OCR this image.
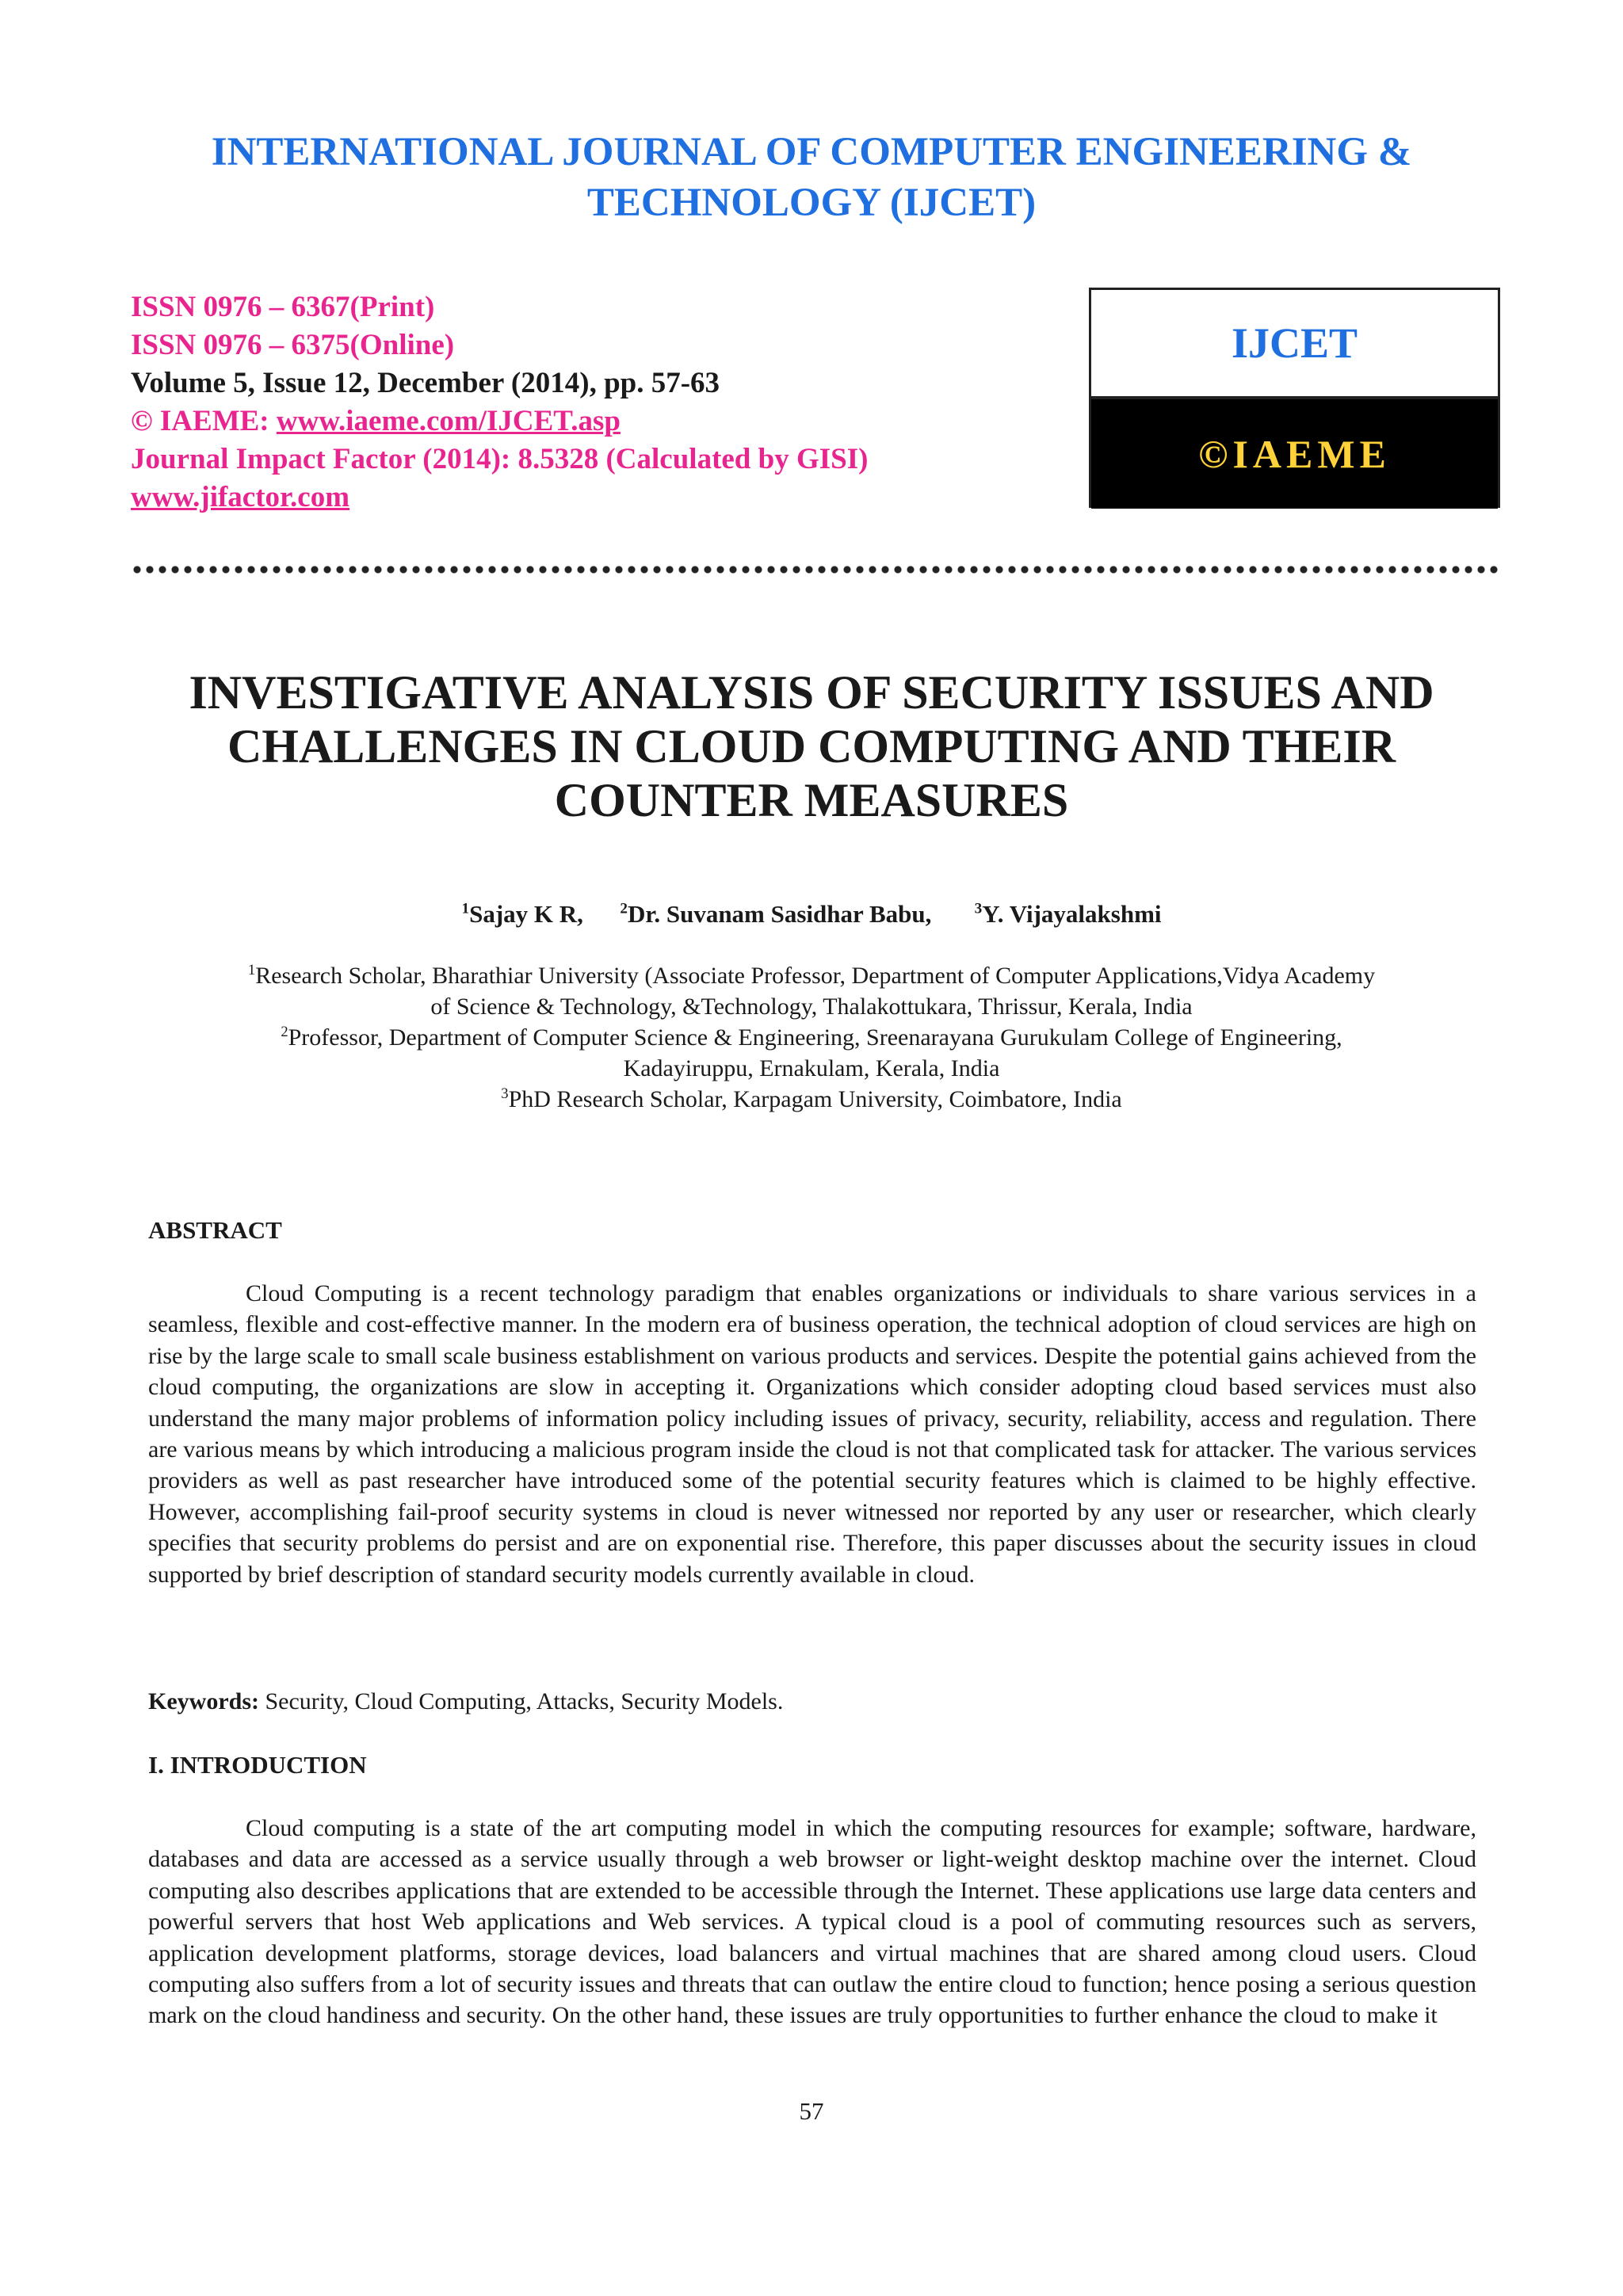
INTERNATIONAL JOURNAL OF COMPUTER ENGINEERING &
TECHNOLOGY (IJCET)
ISSN 0976 – 6367(Print)
ISSN 0976 – 6375(Online)
Volume 5, Issue 12, December (2014), pp. 57-63
© IAEME: www.iaeme.com/IJCET.asp
Journal Impact Factor (2014): 8.5328 (Calculated by GISI)
www.jifactor.com
IJCET
©IAEME
INVESTIGATIVE ANALYSIS OF SECURITY ISSUES AND
CHALLENGES IN CLOUD COMPUTING AND THEIR
COUNTER MEASURES
$^1$Sajay K R, $^2$Dr. Suvanam Sasidhar Babu,	$^3$Y. Vijayalakshmi
$^1$Research Scholar, Bharathiar University (Associate Professor, Department of Computer Applications,Vidya Academy
of Science & Technology, &Technology, Thalakottukara, Thrissur, Kerala, India
$^2$Professor, Department of Computer Science & Engineering, Sreenarayana Gurukulam College of Engineering,
Kadayiruppu, Ernakulam, Kerala, India
$^3$PhD Research Scholar, Karpagam University, Coimbatore, India
ABSTRACT
Cloud Computing is a recent technology paradigm that enables organizations or individuals to share various services in a seamless, flexible and cost-effective manner. In the modern era of business operation, the technical adoption of cloud services are high on rise by the large scale to small scale business establishment on various products and services. Despite the potential gains achieved from the cloud computing, the organizations are slow in accepting it. Organizations which consider adopting cloud based services must also understand the many major problems of information policy including issues of privacy, security, reliability, access and regulation. There are various means by which introducing a malicious program inside the cloud is not that complicated task for attacker. The various services providers as well as past researcher have introduced some of the potential security features which is claimed to be highly effective. However, accomplishing fail-proof security systems in cloud is never witnessed nor reported by any user or researcher, which clearly specifies that security problems do persist and are on exponential rise. Therefore, this paper discusses about the security issues in cloud supported by brief description of standard security models currently available in cloud.
Keywords: Security, Cloud Computing, Attacks, Security Models.
I. INTRODUCTION
Cloud computing is a state of the art computing model in which the computing resources for example; software, hardware, databases and data are accessed as a service usually through a web browser or light-weight desktop machine over the internet. Cloud computing also describes applications that are extended to be accessible through the Internet. These applications use large data centers and powerful servers that host Web applications and Web services. A typical cloud is a pool of commuting resources such as servers, application development platforms, storage devices, load balancers and virtual machines that are shared among cloud users. Cloud computing also suffers from a lot of security issues and threats that can outlaw the entire cloud to function; hence posing a serious question mark on the cloud handiness and security. On the other hand, these issues are truly opportunities to further enhance the cloud to make it
57
